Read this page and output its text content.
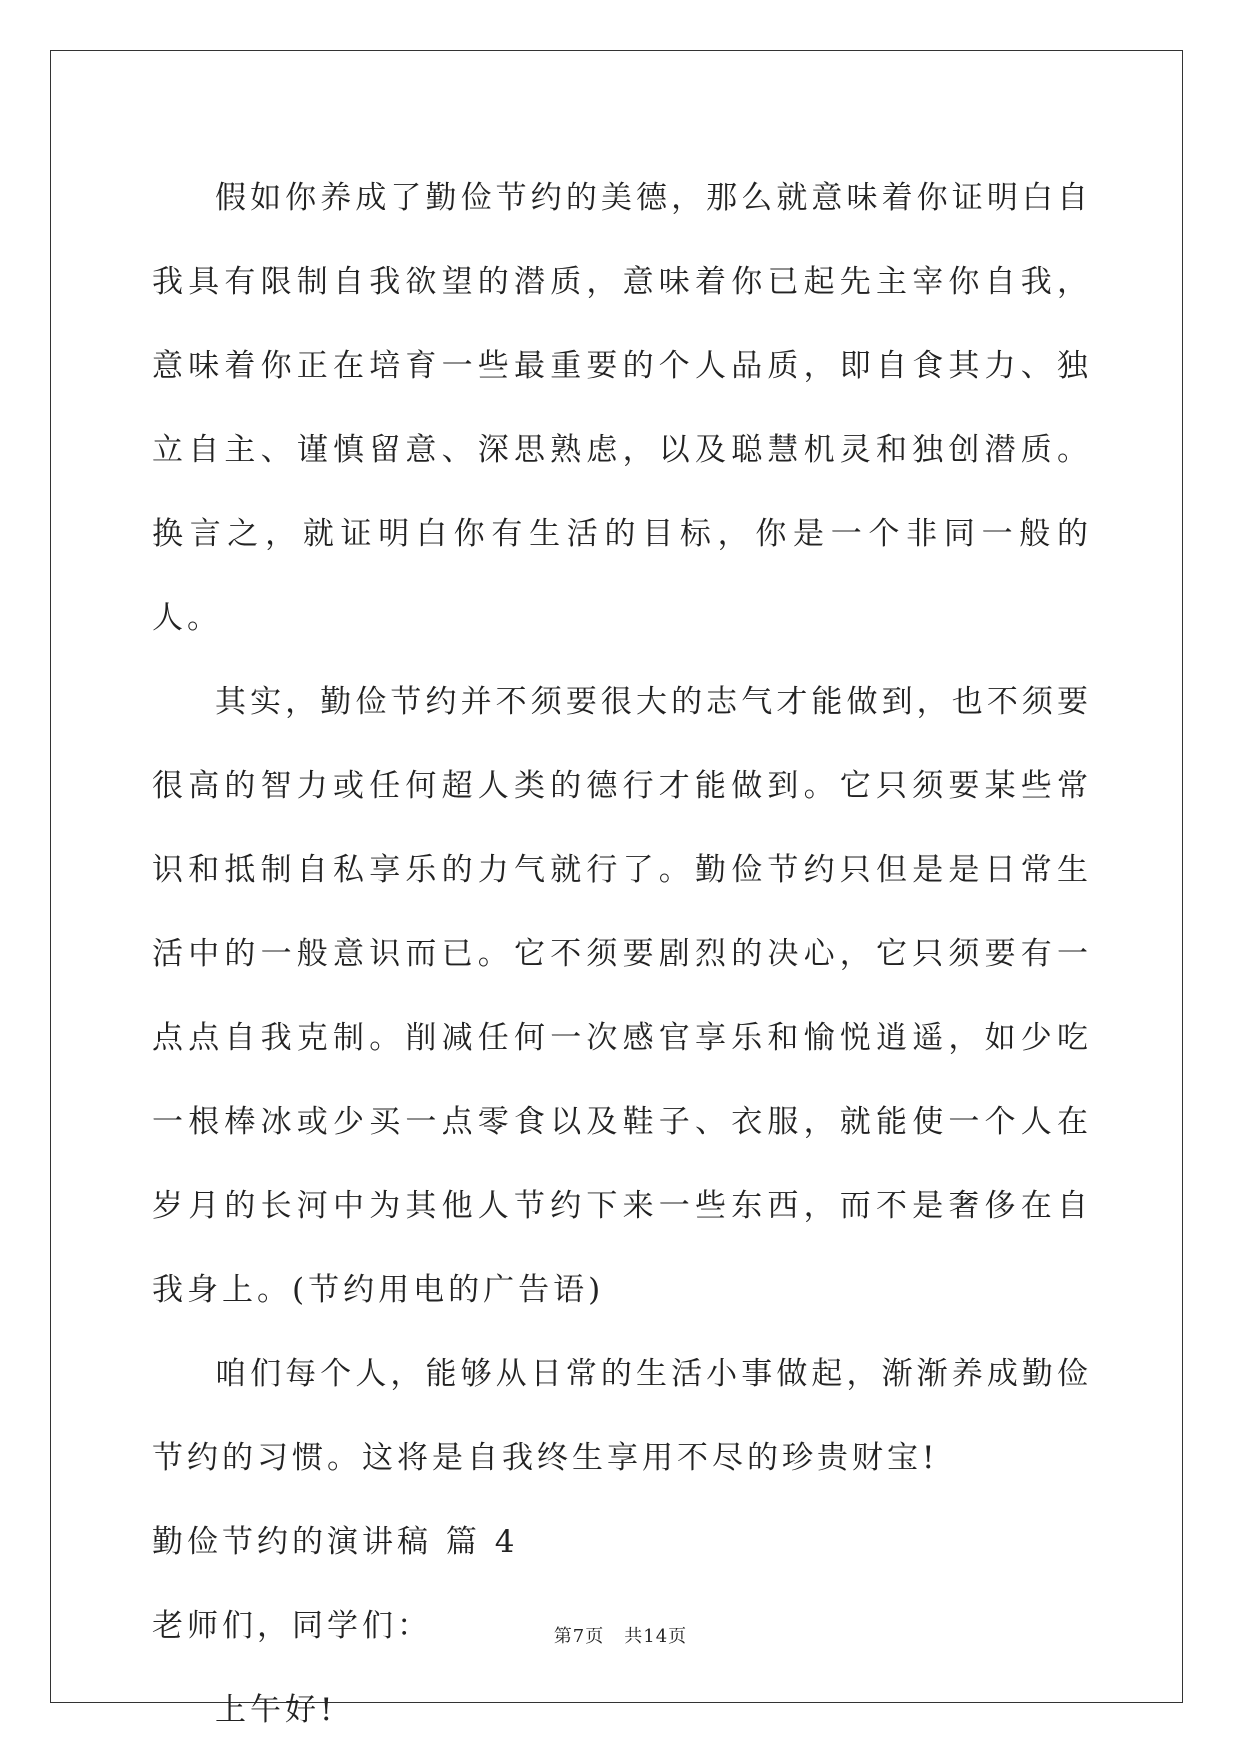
假如你养成了勤俭节约的美德，那么就意味着你证明白自我具有限制自我欲望的潜质，意味着你已起先主宰你自我，意味着你正在培育一些最重要的个人品质，即自食其力、独立自主、谨慎留意、深思熟虑，以及聪慧机灵和独创潜质。换言之，就证明白你有生活的目标，你是一个非同一般的人。

其实，勤俭节约并不须要很大的志气才能做到，也不须要很高的智力或任何超人类的德行才能做到。它只须要某些常识和抵制自私享乐的力气就行了。勤俭节约只但是是日常生活中的一般意识而已。它不须要剧烈的决心，它只须要有一点点自我克制。削减任何一次感官享乐和愉悦逍遥，如少吃一根棒冰或少买一点零食以及鞋子、衣服，就能使一个人在岁月的长河中为其他人节约下来一些东西，而不是奢侈在自我身上。(节约用电的广告语)

咱们每个人，能够从日常的生活小事做起，渐渐养成勤俭节约的习惯。这将是自我终生享用不尽的珍贵财宝!

勤俭节约的演讲稿 篇 4

老师们，同学们：

上午好!

第7页 共14页
